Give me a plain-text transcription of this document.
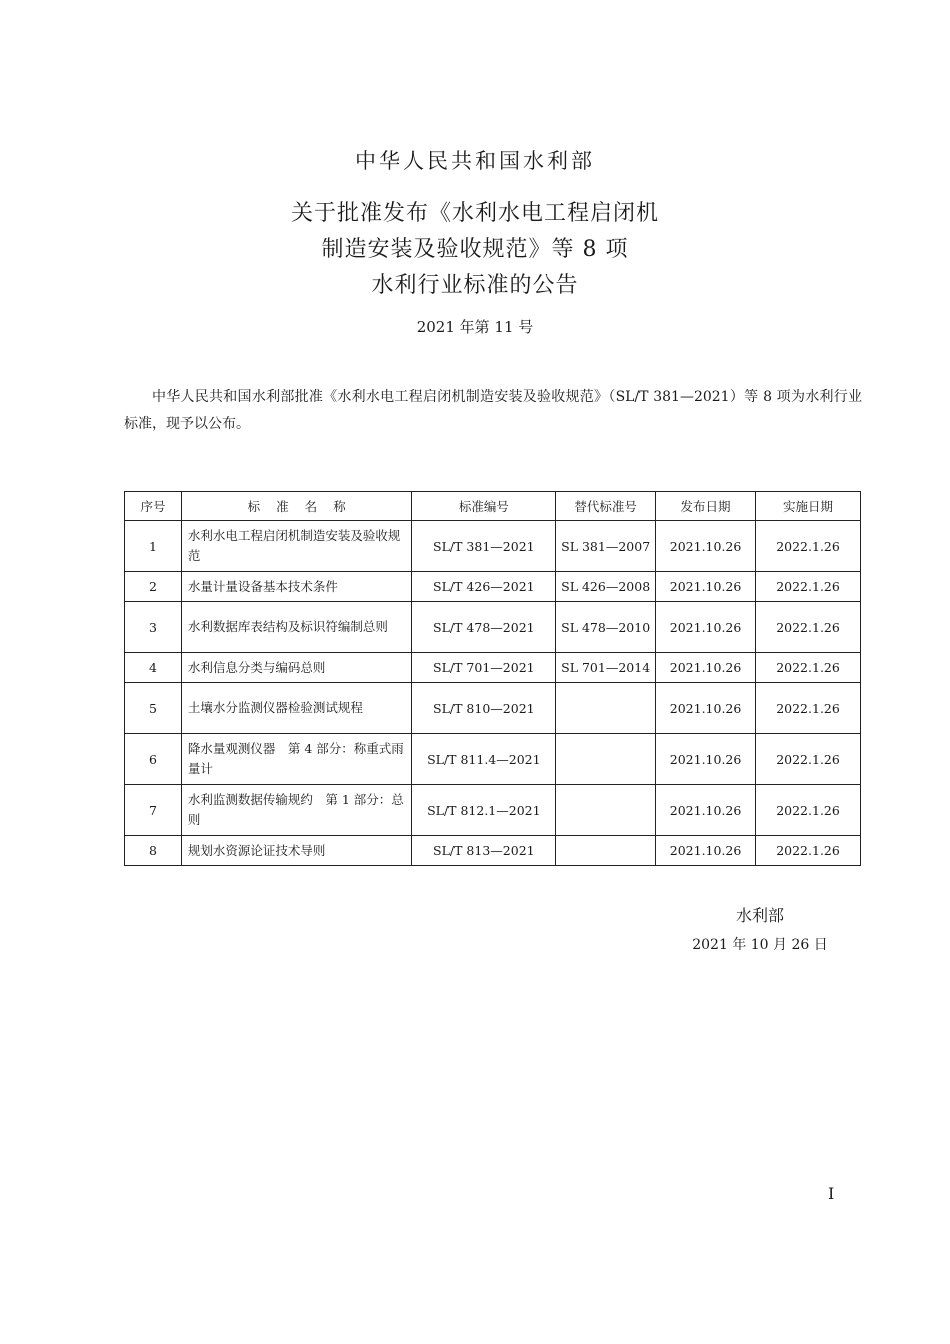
中华人民共和国水利部
关于批准发布《水利水电工程启闭机
制造安装及验收规范》等 8 项
水利行业标准的公告
2021 年第 11 号
中华人民共和国水利部批准《水利水电工程启闭机制造安装及验收规范》（SL/T 381—2021）等 8 项为水利行业标准，现予以公布。
序号	标 准 名 称	标准编号	替代标准号	发布日期	实施日期
1	水利水电工程启闭机制造安装及验收规范	SL/T 381—2021	SL 381—2007	2021.10.26	2022.1.26
2	水量计量设备基本技术条件	SL/T 426—2021	SL 426—2008	2021.10.26	2022.1.26
3	水利数据库表结构及标识符编制总则	SL/T 478—2021	SL 478—2010	2021.10.26	2022.1.26
4	水利信息分类与编码总则	SL/T 701—2021	SL 701—2014	2021.10.26	2022.1.26
5	土壤水分监测仪器检验测试规程	SL/T 810—2021		2021.10.26	2022.1.26
6	降水量观测仪器　第 4 部分：称重式雨量计	SL/T 811.4—2021		2021.10.26	2022.1.26
7	水利监测数据传输规约　第 1 部分：总则	SL/T 812.1—2021		2021.10.26	2022.1.26
8	规划水资源论证技术导则	SL/T 813—2021		2021.10.26	2022.1.26
水利部
2021 年 10 月 26 日
I
